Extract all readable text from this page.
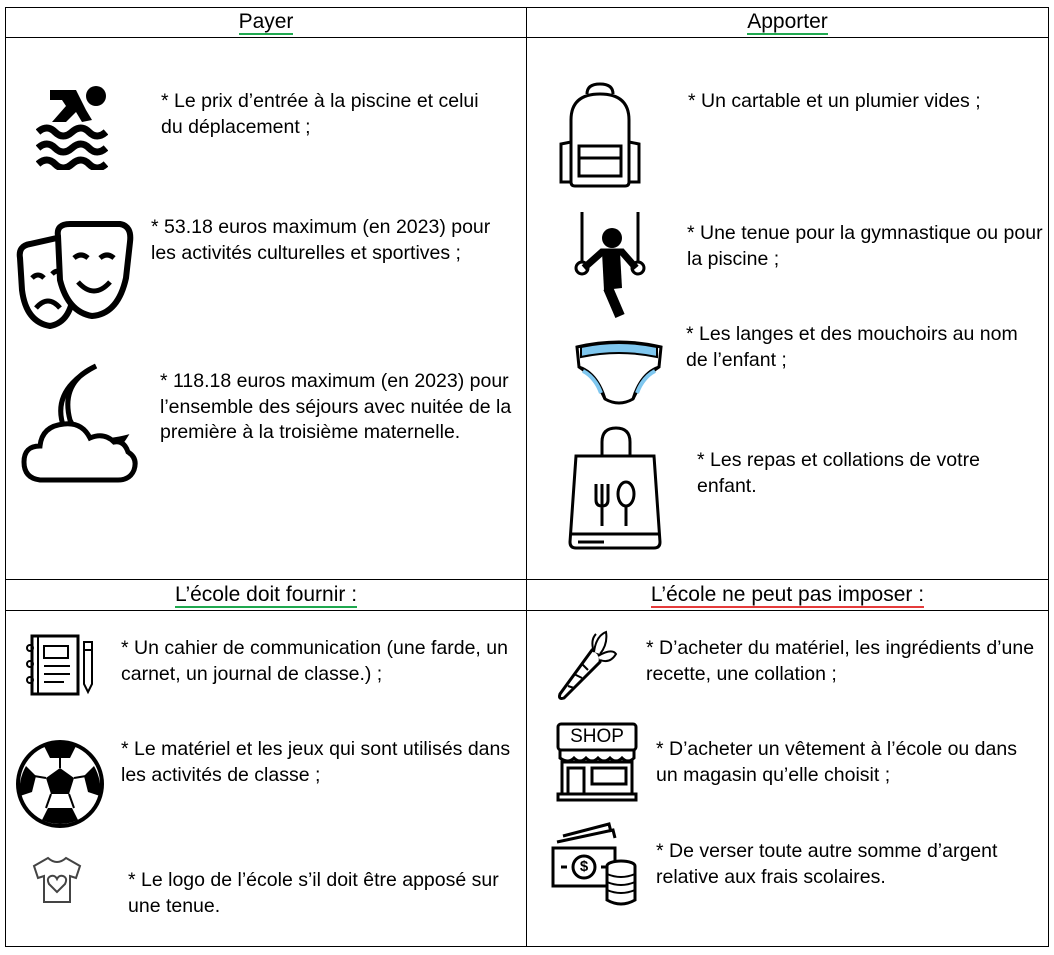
Payer	Apporter
L’école doit fournir :	L’école ne peut pas imposer :
* Le prix d’entrée à la piscine et celui du déplacement ;
* 53.18 euros maximum (en 2023) pour les activités culturelles et sportives ;
* 118.18 euros maximum (en 2023) pour l’ensemble des séjours avec nuitée de la première à la troisième maternelle.
* Un cartable et un plumier vides ;
* Une tenue pour la gymnastique ou pour la piscine ;
* Les langes et des mouchoirs au nom de l’enfant ;
* Les repas et collations de votre enfant.
* Un cahier de communication (une farde, un carnet, un journal de classe.) ;
* Le matériel et les jeux qui sont utilisés dans les activités de classe ;
* Le logo de l’école s’il doit être apposé sur une tenue.
* D’acheter du matériel, les ingrédients d’une recette, une collation ;
SHOP
* D’acheter un vêtement à l’école ou dans un magasin qu’elle choisit ;
$
* De verser toute autre somme d’argent relative aux frais scolaires.
